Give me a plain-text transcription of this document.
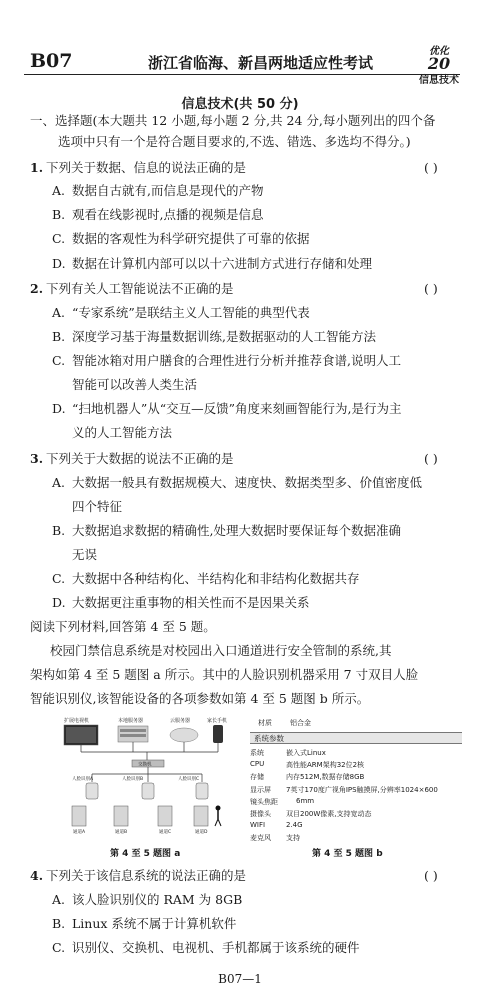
B07	浙江省临海、新昌两地适应性考试
优化
20
信息技术
信息技术(共 50 分)
一、选择题(本大题共 12 小题,每小题 2 分,共 24 分,每小题列出的四个备
选项中只有一个是符合题目要求的,不选、错选、多选均不得分。)
1. 下列关于数据、信息的说法正确的是	( )
A. 数据自古就有,而信息是现代的产物
B. 观看在线影视时,点播的视频是信息
C. 数据的客观性为科学研究提供了可靠的依据
D. 数据在计算机内部可以以十六进制方式进行存储和处理
2. 下列有关人工智能说法不正确的是	( )
A. “专家系统”是联结主义人工智能的典型代表
B. 深度学习基于海量数据训练,是数据驱动的人工智能方法
C. 智能冰箱对用户膳食的合理性进行分析并推荐食谱,说明人工
智能可以改善人类生活
D. “扫地机器人”从“交互—反馈”角度来刻画智能行为,是行为主
义的人工智能方法
3. 下列关于大数据的说法不正确的是	( )
A. 大数据一般具有数据规模大、速度快、数据类型多、价值密度低
四个特征
B. 大数据追求数据的精确性,处理大数据时要保证每个数据准确
无误
C. 大数据中各种结构化、半结构化和非结构化数据共存
D. 大数据更注重事物的相关性而不是因果关系
阅读下列材料,回答第 4 至 5 题。
校园门禁信息系统是对校园出入口通道进行安全管制的系统,其
架构如第 4 至 5 题图 a 所示。其中的人脸识别机器采用 7 寸双目人脸
智能识别仪,该智能设备的各项参数如第 4 至 5 题图 b 所示。
扩展电视机	本地服务器	云服务器	家长手机
交换机
人脸识别A	人脸识别B	人脸识别C
通道A	通道B	通道C	通道D
第 4 至 5 题图 a
材质	铝合金
系统参数
系统	嵌入式Linux
CPU	高性能ARM架构32位2核
存储	内存512M,数据存储8GB
显示屏 7英寸170度广视角IPS触摸屏,分辨率1024×600
镜头焦距	6mm
摄像头 双目200W像素,支持宽动态
WIFI	2.4G
麦克风 支持
第 4 至 5 题图 b
4. 下列关于该信息系统的说法正确的是	( )
A. 该人脸识别仪的 RAM 为 8GB
B. Linux 系统不属于计算机软件
C. 识别仪、交换机、电视机、手机都属于该系统的硬件
B07—1
